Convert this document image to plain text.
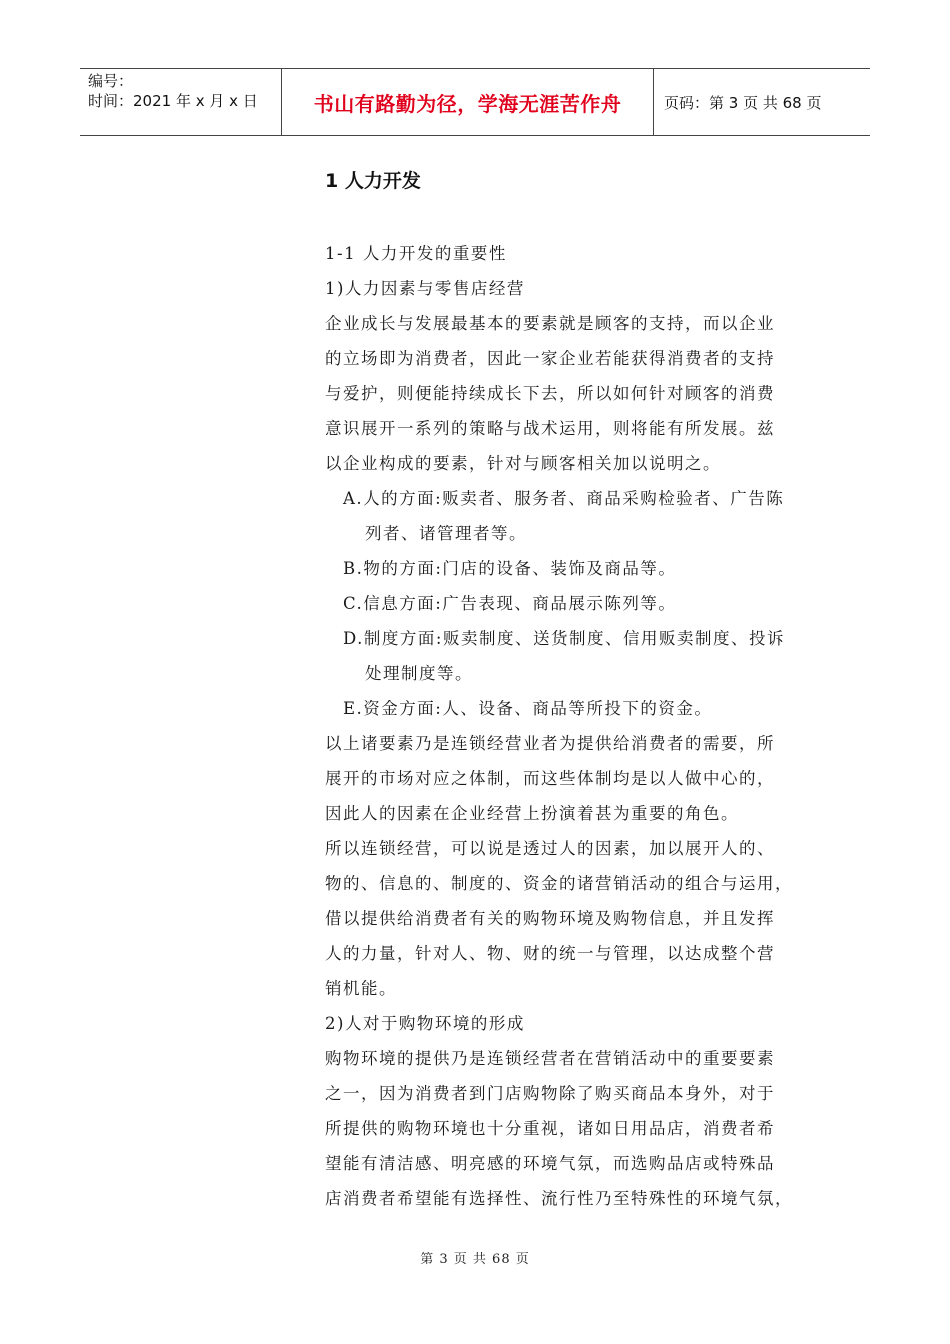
编号：
时间：2021 年 x 月 x 日	书山有路勤为径，学海无涯苦作舟	页码：第 3 页 共 68 页
1 人力开发
1-1 人力开发的重要性
1)人力因素与零售店经营
企业成长与发展最基本的要素就是顾客的支持，而以企业
的立场即为消费者，因此一家企业若能获得消费者的支持
与爱护，则便能持续成长下去，所以如何针对顾客的消费
意识展开一系列的策略与战术运用，则将能有所发展。兹
以企业构成的要素，针对与顾客相关加以说明之。
A.人的方面:贩卖者、服务者、商品采购检验者、广告陈
列者、诸管理者等。
B.物的方面:门店的设备、装饰及商品等。
C.信息方面:广告表现、商品展示陈列等。
D.制度方面:贩卖制度、送货制度、信用贩卖制度、投诉
处理制度等。
E.资金方面:人、设备、商品等所投下的资金。
以上诸要素乃是连锁经营业者为提供给消费者的需要，所
展开的市场对应之体制，而这些体制均是以人做中心的，
因此人的因素在企业经营上扮演着甚为重要的角色。
所以连锁经营，可以说是透过人的因素，加以展开人的、
物的、信息的、制度的、资金的诸营销活动的组合与运用，
借以提供给消费者有关的购物环境及购物信息，并且发挥
人的力量，针对人、物、财的统一与管理，以达成整个营
销机能。
2)人对于购物环境的形成
购物环境的提供乃是连锁经营者在营销活动中的重要要素
之一，因为消费者到门店购物除了购买商品本身外，对于
所提供的购物环境也十分重视，诸如日用品店，消费者希
望能有清洁感、明亮感的环境气氛，而选购品店或特殊品
店消费者希望能有选择性、流行性乃至特殊性的环境气氛，
第 3 页 共 68 页
